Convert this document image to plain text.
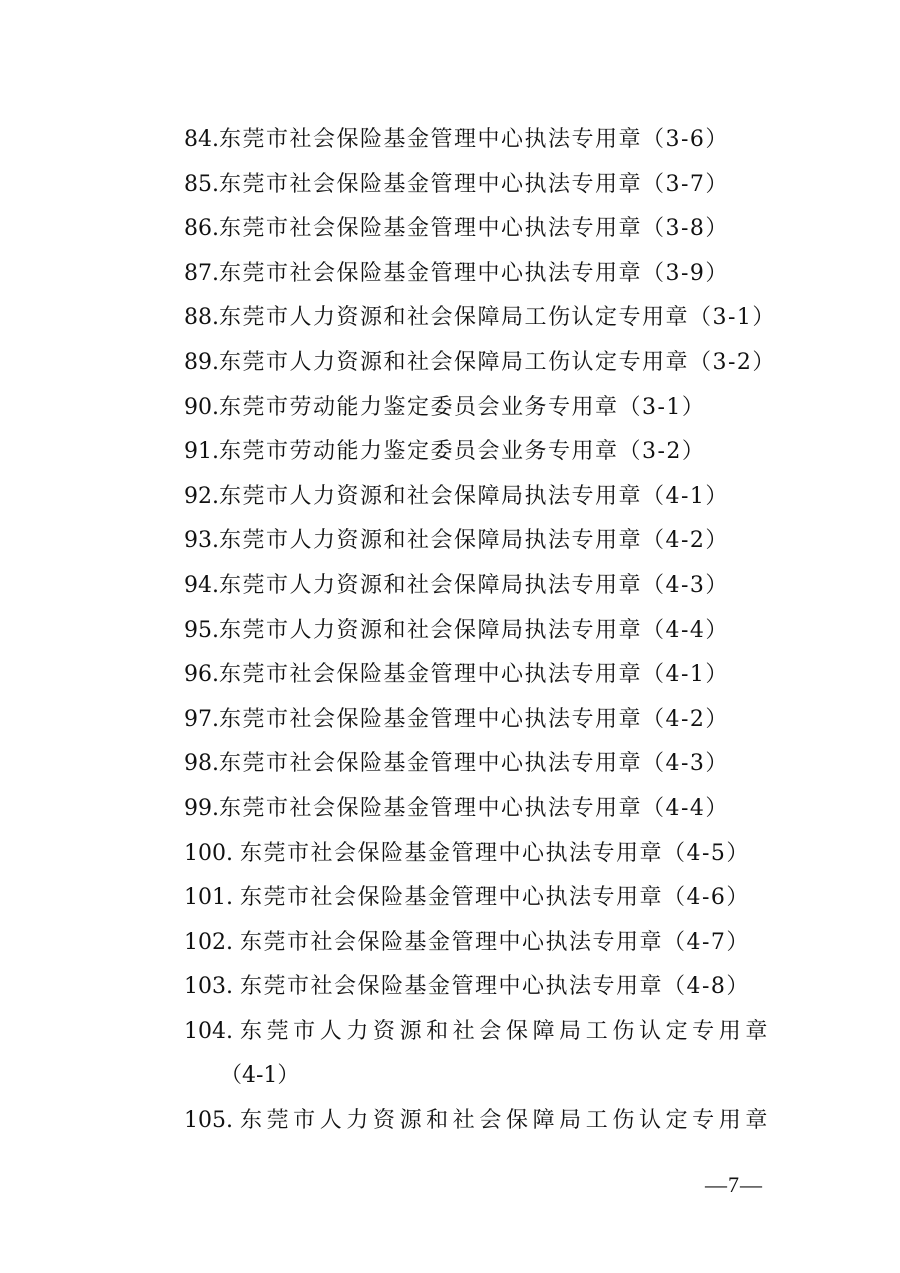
84.东莞市社会保险基金管理中心执法专用章（3-6）
85.东莞市社会保险基金管理中心执法专用章（3-7）
86.东莞市社会保险基金管理中心执法专用章（3-8）
87.东莞市社会保险基金管理中心执法专用章（3-9）
88.东莞市人力资源和社会保障局工伤认定专用章（3-1）
89.东莞市人力资源和社会保障局工伤认定专用章（3-2）
90.东莞市劳动能力鉴定委员会业务专用章（3-1）
91.东莞市劳动能力鉴定委员会业务专用章（3-2）
92.东莞市人力资源和社会保障局执法专用章（4-1）
93.东莞市人力资源和社会保障局执法专用章（4-2）
94.东莞市人力资源和社会保障局执法专用章（4-3）
95.东莞市人力资源和社会保障局执法专用章（4-4）
96.东莞市社会保险基金管理中心执法专用章（4-1）
97.东莞市社会保险基金管理中心执法专用章（4-2）
98.东莞市社会保险基金管理中心执法专用章（4-3）
99.东莞市社会保险基金管理中心执法专用章（4-4）
100. 东莞市社会保险基金管理中心执法专用章（4-5）
101. 东莞市社会保险基金管理中心执法专用章（4-6）
102. 东莞市社会保险基金管理中心执法专用章（4-7）
103. 东莞市社会保险基金管理中心执法专用章（4-8）
104. 东莞市人力资源和社会保障局工伤认定专用章
（4-1）
105. 东莞市人力资源和社会保障局工伤认定专用章
—7—
